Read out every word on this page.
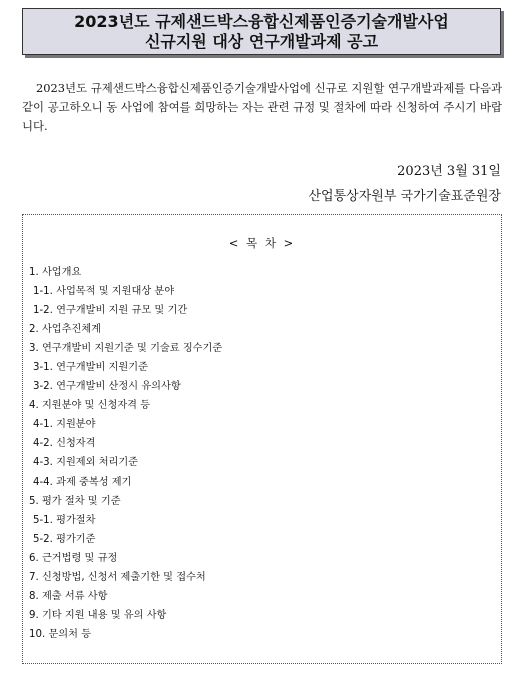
2023년도 규제샌드박스융합신제품인증기술개발사업
신규지원 대상 연구개발과제 공고

2023년도 규제샌드박스융합신제품인증기술개발사업에 신규로 지원할 연구개발과제를 다음과 같이 공고하오니 동 사업에 참여를 희망하는 자는 관련 규정 및 절차에 따라 신청하여 주시기 바랍니다.

2023년 3월 31일
산업통상자원부 국가기술표준원장
< 목 차 >
1. 사업개요
1-1. 사업목적 및 지원대상 분야
1-2. 연구개발비 지원 규모 및 기간
2. 사업추진체계
3. 연구개발비 지원기준 및 기술료 징수기준
3-1. 연구개발비 지원기준
3-2. 연구개발비 산정시 유의사항
4. 지원분야 및 신청자격 등
4-1. 지원분야
4-2. 신청자격
4-3. 지원제외 처리기준
4-4. 과제 중복성 제기
5. 평가 절차 및 기준
5-1. 평가절차
5-2. 평가기준
6. 근거법령 및 규정
7. 신청방법, 신청서 제출기한 및 접수처
8. 제출 서류 사항
9. 기타 지원 내용 및 유의 사항
10. 문의처 등
